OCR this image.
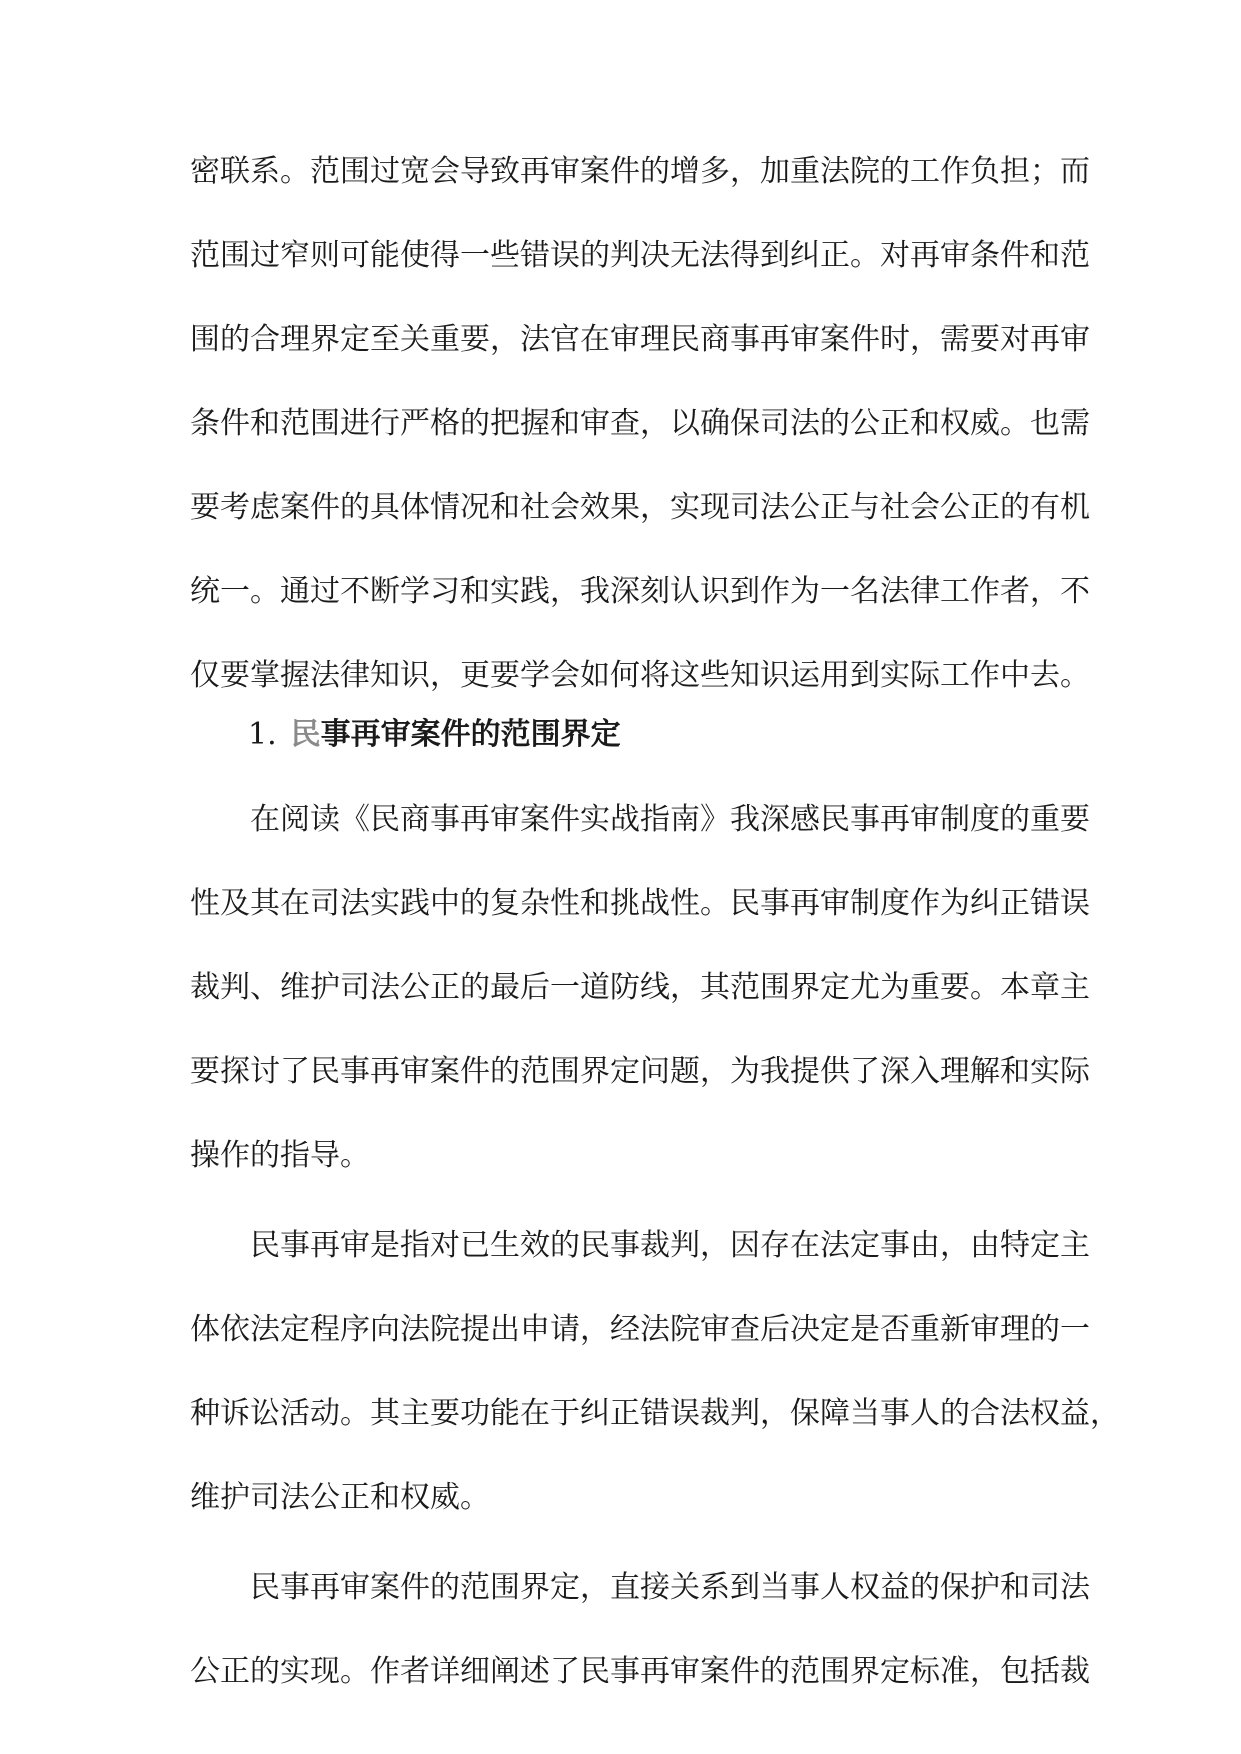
密联系。范围过宽会导致再审案件的增多，加重法院的工作负担；而
范围过窄则可能使得一些错误的判决无法得到纠正。对再审条件和范
围的合理界定至关重要，法官在审理民商事再审案件时，需要对再审
条件和范围进行严格的把握和审查，以确保司法的公正和权威。也需
要考虑案件的具体情况和社会效果，实现司法公正与社会公正的有机
统一。通过不断学习和实践，我深刻认识到作为一名法律工作者，不
仅要掌握法律知识，更要学会如何将这些知识运用到实际工作中去。
1. 民事再审案件的范围界定
在阅读《民商事再审案件实战指南》我深感民事再审制度的重要
性及其在司法实践中的复杂性和挑战性。民事再审制度作为纠正错误
裁判、维护司法公正的最后一道防线，其范围界定尤为重要。本章主
要探讨了民事再审案件的范围界定问题，为我提供了深入理解和实际
操作的指导。
民事再审是指对已生效的民事裁判，因存在法定事由，由特定主
体依法定程序向法院提出申请，经法院审查后决定是否重新审理的一
种诉讼活动。其主要功能在于纠正错误裁判，保障当事人的合法权益，
维护司法公正和权威。
民事再审案件的范围界定，直接关系到当事人权益的保护和司法
公正的实现。作者详细阐述了民事再审案件的范围界定标准，包括裁
